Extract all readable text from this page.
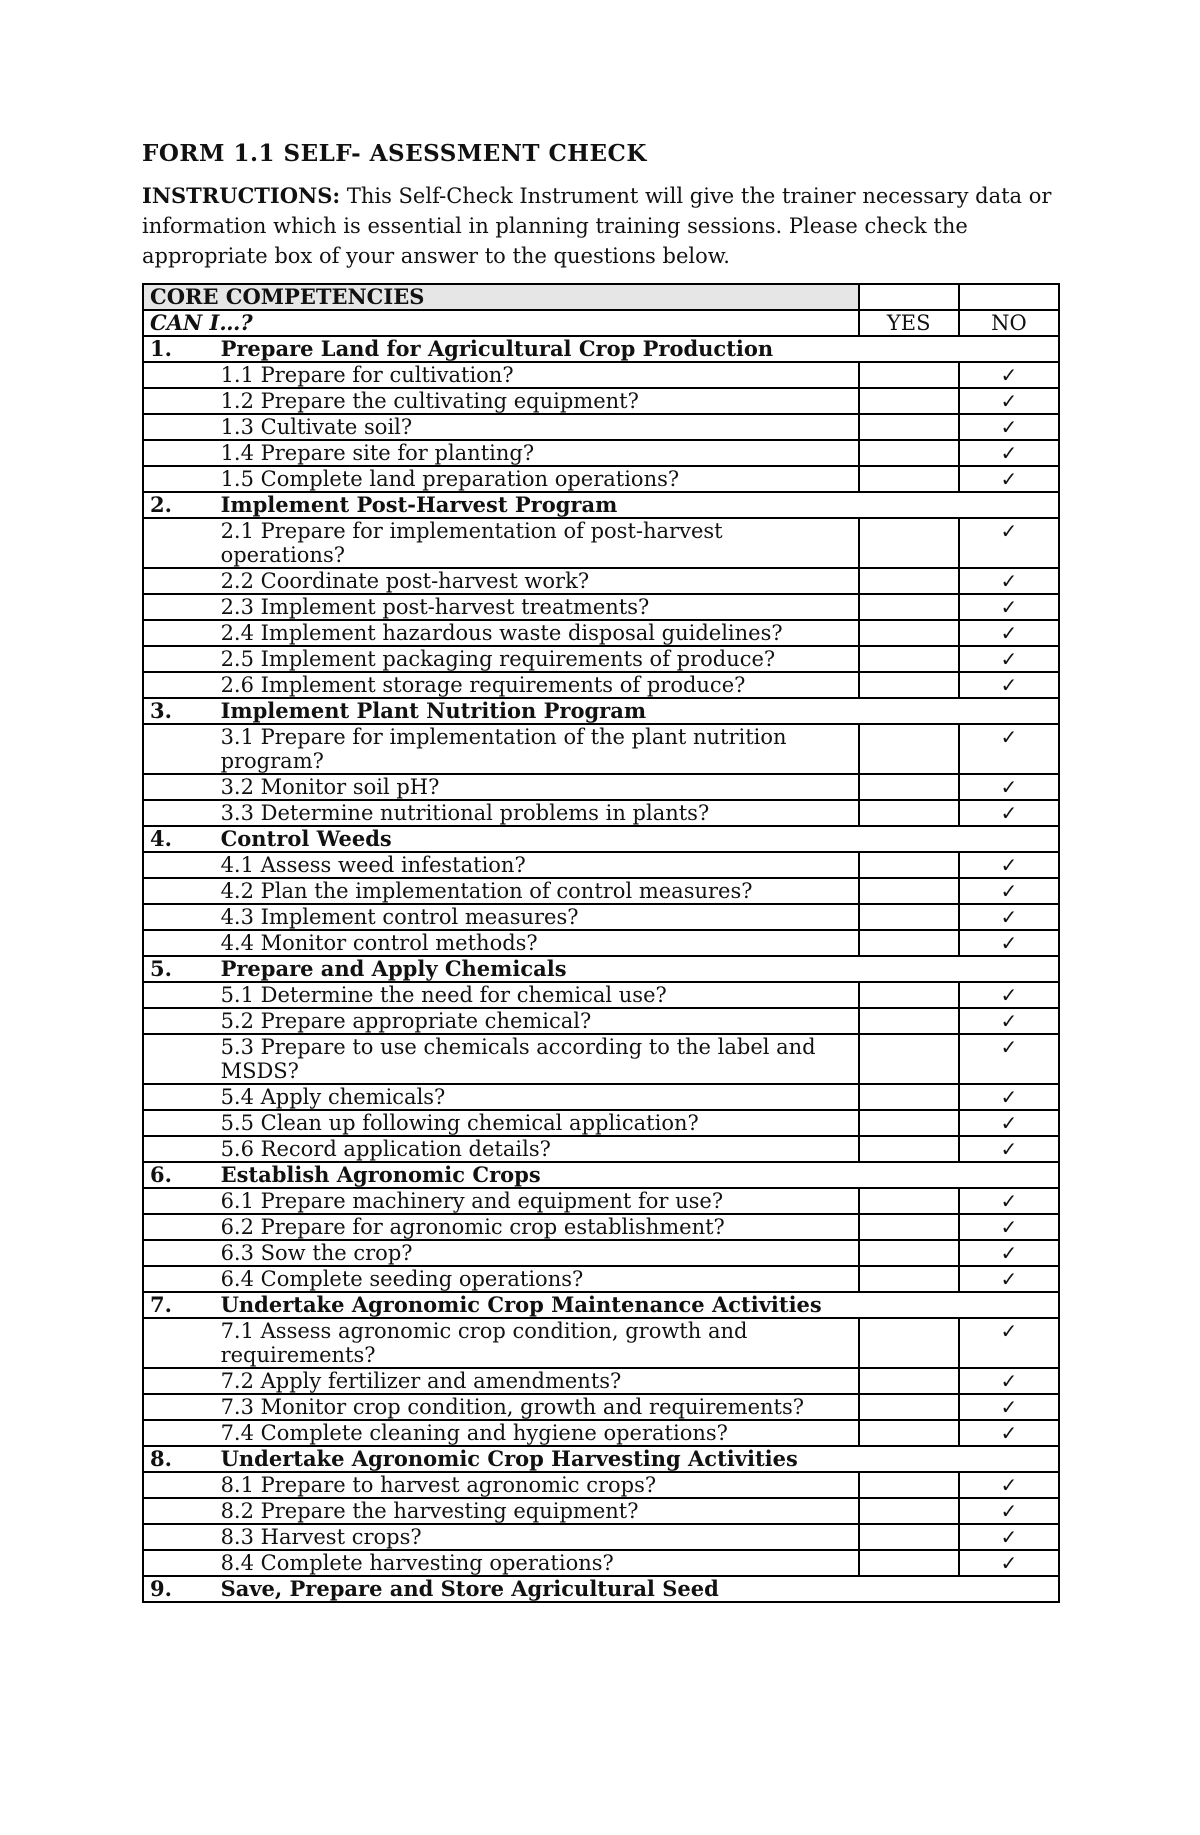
FORM 1.1 SELF- ASESSMENT CHECK
INSTRUCTIONS: This Self-Check Instrument will give the trainer necessary data or information which is essential in planning training sessions. Please check the appropriate box of your answer to the questions below.
CORE COMPETENCIES			
CAN I…?		YES	NO
1.	Prepare Land for Agricultural Crop Production		
	1.1 Prepare for cultivation?		✓
	1.2 Prepare the cultivating equipment?		✓
	1.3 Cultivate soil?		✓
	1.4 Prepare site for planting?		✓
	1.5 Complete land preparation operations?		✓
2.	Implement Post-Harvest Program		
	2.1 Prepare for implementation of post-harvest operations?		✓
	2.2 Coordinate post-harvest work?		✓
	2.3 Implement post-harvest treatments?		✓
	2.4 Implement hazardous waste disposal guidelines?		✓
	2.5 Implement packaging requirements of produce?		✓
	2.6 Implement storage requirements of produce?		✓
3.	Implement Plant Nutrition Program		
	3.1 Prepare for implementation of the plant nutrition program?		✓
	3.2 Monitor soil pH?		✓
	3.3 Determine nutritional problems in plants?		✓
4.	Control Weeds		
	4.1 Assess weed infestation?		✓
	4.2 Plan the implementation of control measures?		✓
	4.3 Implement control measures?		✓
	4.4 Monitor control methods?		✓
5.	Prepare and Apply Chemicals		
	5.1 Determine the need for chemical use?		✓
	5.2 Prepare appropriate chemical?		✓
	5.3 Prepare to use chemicals according to the label and MSDS?		✓
	5.4 Apply chemicals?		✓
	5.5 Clean up following chemical application?		✓
	5.6 Record application details?		✓
6.	Establish Agronomic Crops		
	6.1 Prepare machinery and equipment for use?		✓
	6.2 Prepare for agronomic crop establishment?		✓
	6.3 Sow the crop?		✓
	6.4 Complete seeding operations?		✓
7.	Undertake Agronomic Crop Maintenance Activities		
	7.1 Assess agronomic crop condition, growth and requirements?		✓
	7.2 Apply fertilizer and amendments?		✓
	7.3 Monitor crop condition, growth and requirements?		✓
	7.4 Complete cleaning and hygiene operations?		✓
8.	Undertake Agronomic Crop Harvesting Activities		
	8.1 Prepare to harvest agronomic crops?		✓
	8.2 Prepare the harvesting equipment?		✓
	8.3 Harvest crops?		✓
	8.4 Complete harvesting operations?		✓
9.	Save, Prepare and Store Agricultural Seed		
